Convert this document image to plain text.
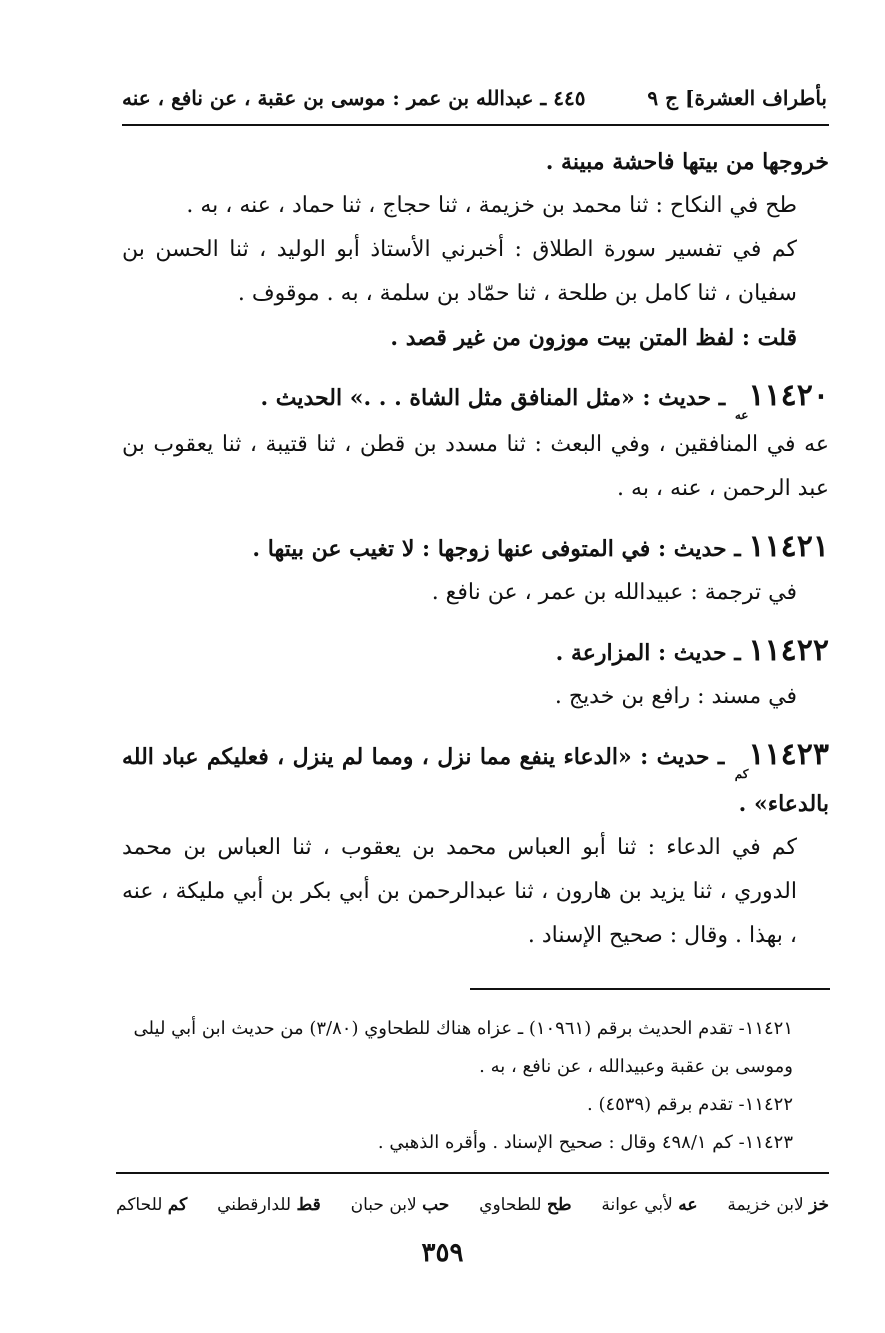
بأطراف العشرة] ج ٩
٤٤٥ ـ عبدالله بن عمر : موسى بن عقبة ، عن نافع ، عنه

خروجها من بيتها فاحشة مبينة .

طح في النكاح : ثنا محمد بن خزيمة ، ثنا حجاج ، ثنا حماد ، عنه ، به .

كم في تفسير سورة الطلاق : أخبرني الأستاذ أبو الوليد ، ثنا الحسن بن سفيان ، ثنا كامل بن طلحة ، ثنا حمّاد بن سلمة ، به . موقوف .

قلت : لفظ المتن بيت موزون من غير قصد .

$١١٤٢٠_{عه}$ ـ حديث : «مثل المنافق مثل الشاة . . .» الحديث .

عه في المنافقين ، وفي البعث : ثنا مسدد بن قطن ، ثنا قتيبة ، ثنا يعقوب بن عبد الرحمن ، عنه ، به .

١١٤٢١ ـ حديث : في المتوفى عنها زوجها : لا تغيب عن بيتها .

في ترجمة : عبيدالله بن عمر ، عن نافع .

١١٤٢٢ ـ حديث : المزارعة .

في مسند : رافع بن خديج .

$١١٤٢٣_{كم}$ ـ حديث : «الدعاء ينفع مما نزل ، ومما لم ينزل ، فعليكم عباد الله بالدعاء» .

كم في الدعاء : ثنا أبو العباس محمد بن يعقوب ، ثنا العباس بن محمد الدوري ، ثنا يزيد بن هارون ، ثنا عبدالرحمن بن أبي بكر بن أبي مليكة ، عنه ، بهذا . وقال : صحيح الإسناد .

١١٤٢١- تقدم الحديث برقم (١٠٩٦١) ـ عزاه هناك للطحاوي (٣/٨٠) من حديث ابن أبي ليلى وموسى بن عقبة وعبيدالله ، عن نافع ، به .

١١٤٢٢- تقدم برقم (٤٥٣٩) .

١١٤٢٣- كم ٤٩٨/١ وقال : صحيح الإسناد . وأقره الذهبي .

خز لابن خزيمة
عه لأبي عوانة
طح للطحاوي
حب لابن حبان
قط للدارقطني
كم للحاكم
٣٥٩
